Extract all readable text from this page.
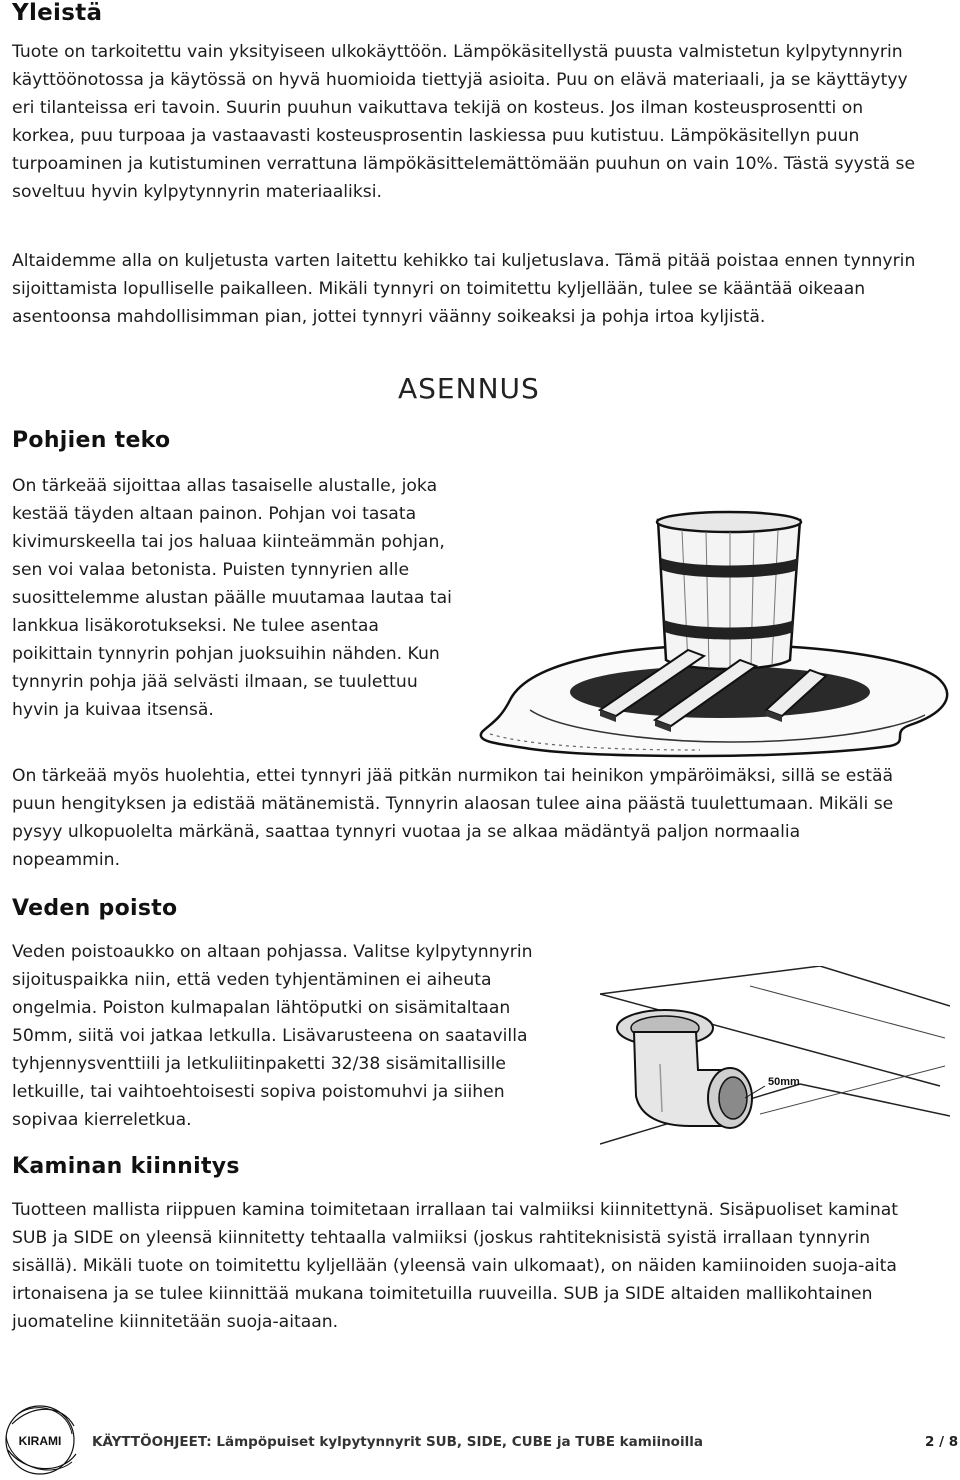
Yleistä

Tuote on tarkoitettu vain yksityiseen ulkokäyttöön. Lämpökäsitellystä puusta valmistetun kylpytynnyrin käyttöönotossa ja käytössä on hyvä huomioida tiettyjä asioita. Puu on elävä materiaali, ja se käyttäytyy eri tilanteissa eri tavoin. Suurin puuhun vaikuttava tekijä on kosteus. Jos ilman kosteusprosentti on korkea, puu turpoaa ja vastaavasti kosteusprosentin laskiessa puu kutistuu. Lämpökäsitellyn puun turpoaminen ja kutistuminen verrattuna lämpökäsittelemättömään puuhun on vain 10%. Tästä syystä se soveltuu hyvin kylpytynnyrin materiaaliksi.

Altaidemme alla on kuljetusta varten laitettu kehikko tai kuljetuslava. Tämä pitää poistaa ennen tynnyrin sijoittamista lopulliselle paikalleen. Mikäli tynnyri on toimitettu kyljellään, tulee se kääntää oikeaan asentoonsa mahdollisimman pian, jottei tynnyri väänny soikeaksi ja pohja irtoa kyljistä.

ASENNUS
Pohjien teko

On tärkeää sijoittaa allas tasaiselle alustalle, joka kestää täyden altaan painon. Pohjan voi tasata kivimurskeella tai jos haluaa kiinteämmän pohjan, sen voi valaa betonista. Puisten tynnyrien alle suosittelemme alustan päälle muutamaa lautaa tai lankkua lisäkorotukseksi. Ne tulee asentaa poikittain tynnyrin pohjan juoksuihin nähden. Kun tynnyrin pohja jää selvästi ilmaan, se tuulettuu hyvin ja kuivaa itsensä.

On tärkeää myös huolehtia, ettei tynnyri jää pitkän nurmikon tai heinikon ympäröimäksi, sillä se estää puun hengityksen ja edistää mätänemistä. Tynnyrin alaosan tulee aina päästä tuulettumaan. Mikäli se pysyy ulkopuolelta märkänä, saattaa tynnyri vuotaa ja se alkaa mädäntyä paljon normaalia nopeammin.

Veden poisto

Veden poistoaukko on altaan pohjassa. Valitse kylpytynnyrin sijoituspaikka niin, että veden tyhjentäminen ei aiheuta ongelmia. Poiston kulmapalan lähtöputki on sisämitaltaan 50mm, siitä voi jatkaa letkulla. Lisävarusteena on saatavilla tyhjennysventtiili ja letkuliitinpaketti 32/38 sisämitallisille letkuille, tai vaihtoehtoisesti sopiva poistomuhvi ja siihen sopivaa kierreletkua.

50mm
Kaminan kiinnitys

Tuotteen mallista riippuen kamina toimitetaan irrallaan tai valmiiksi kiinnitettynä. Sisäpuoliset kaminat SUB ja SIDE on yleensä kiinnitetty tehtaalla valmiiksi (joskus rahtiteknisistä syistä irrallaan tynnyrin sisällä). Mikäli tuote on toimitettu kyljellään (yleensä vain ulkomaat), on näiden kamiinoiden suoja-aita irtonaisena ja se tulee kiinnittää mukana toimitetuilla ruuveilla. SUB ja SIDE altaiden mallikohtainen juomateline kiinnitetään suoja-aitaan.

KIRAMI KÄYTTÖOHJEET: Lämpöpuiset kylpytynnyrit SUB, SIDE, CUBE ja TUBE kamiinoilla	2 / 8
